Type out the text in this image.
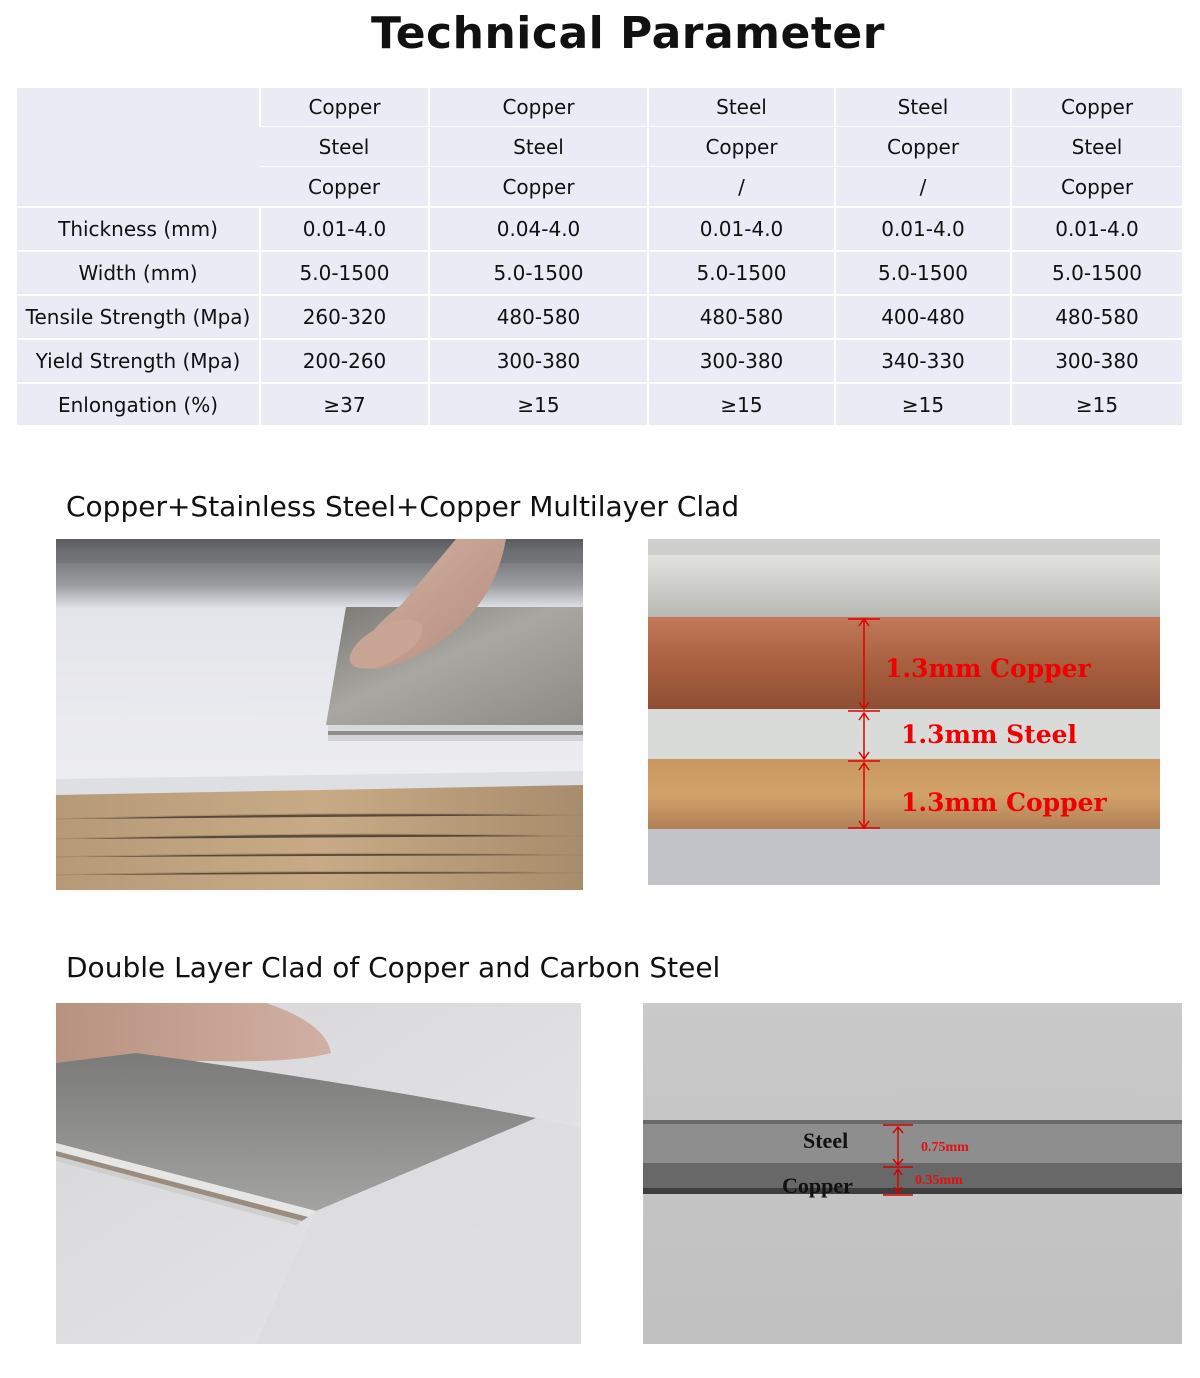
Technical Parameter
	Copper	Copper	Steel	Steel	Copper
	Steel	Steel	Copper	Copper	Steel
	Copper	Copper	/	/	Copper
Thickness (mm)	0.01-4.0	0.04-4.0	0.01-4.0	0.01-4.0	0.01-4.0
Width (mm)	5.0-1500	5.0-1500	5.0-1500	5.0-1500	5.0-1500
Tensile Strength (Mpa)	260-320	480-580	480-580	400-480	480-580
Yield Strength (Mpa)	200-260	300-380	300-380	340-330	300-380
Enlongation (%)	≥37	≥15	≥15	≥15	≥15
Copper+Stainless Steel+Copper Multilayer Clad
1.3mm Copper
1.3mm Steel
1.3mm Copper
Double Layer Clad of Copper and Carbon Steel
Steel
Copper
0.75mm
0.35mm
